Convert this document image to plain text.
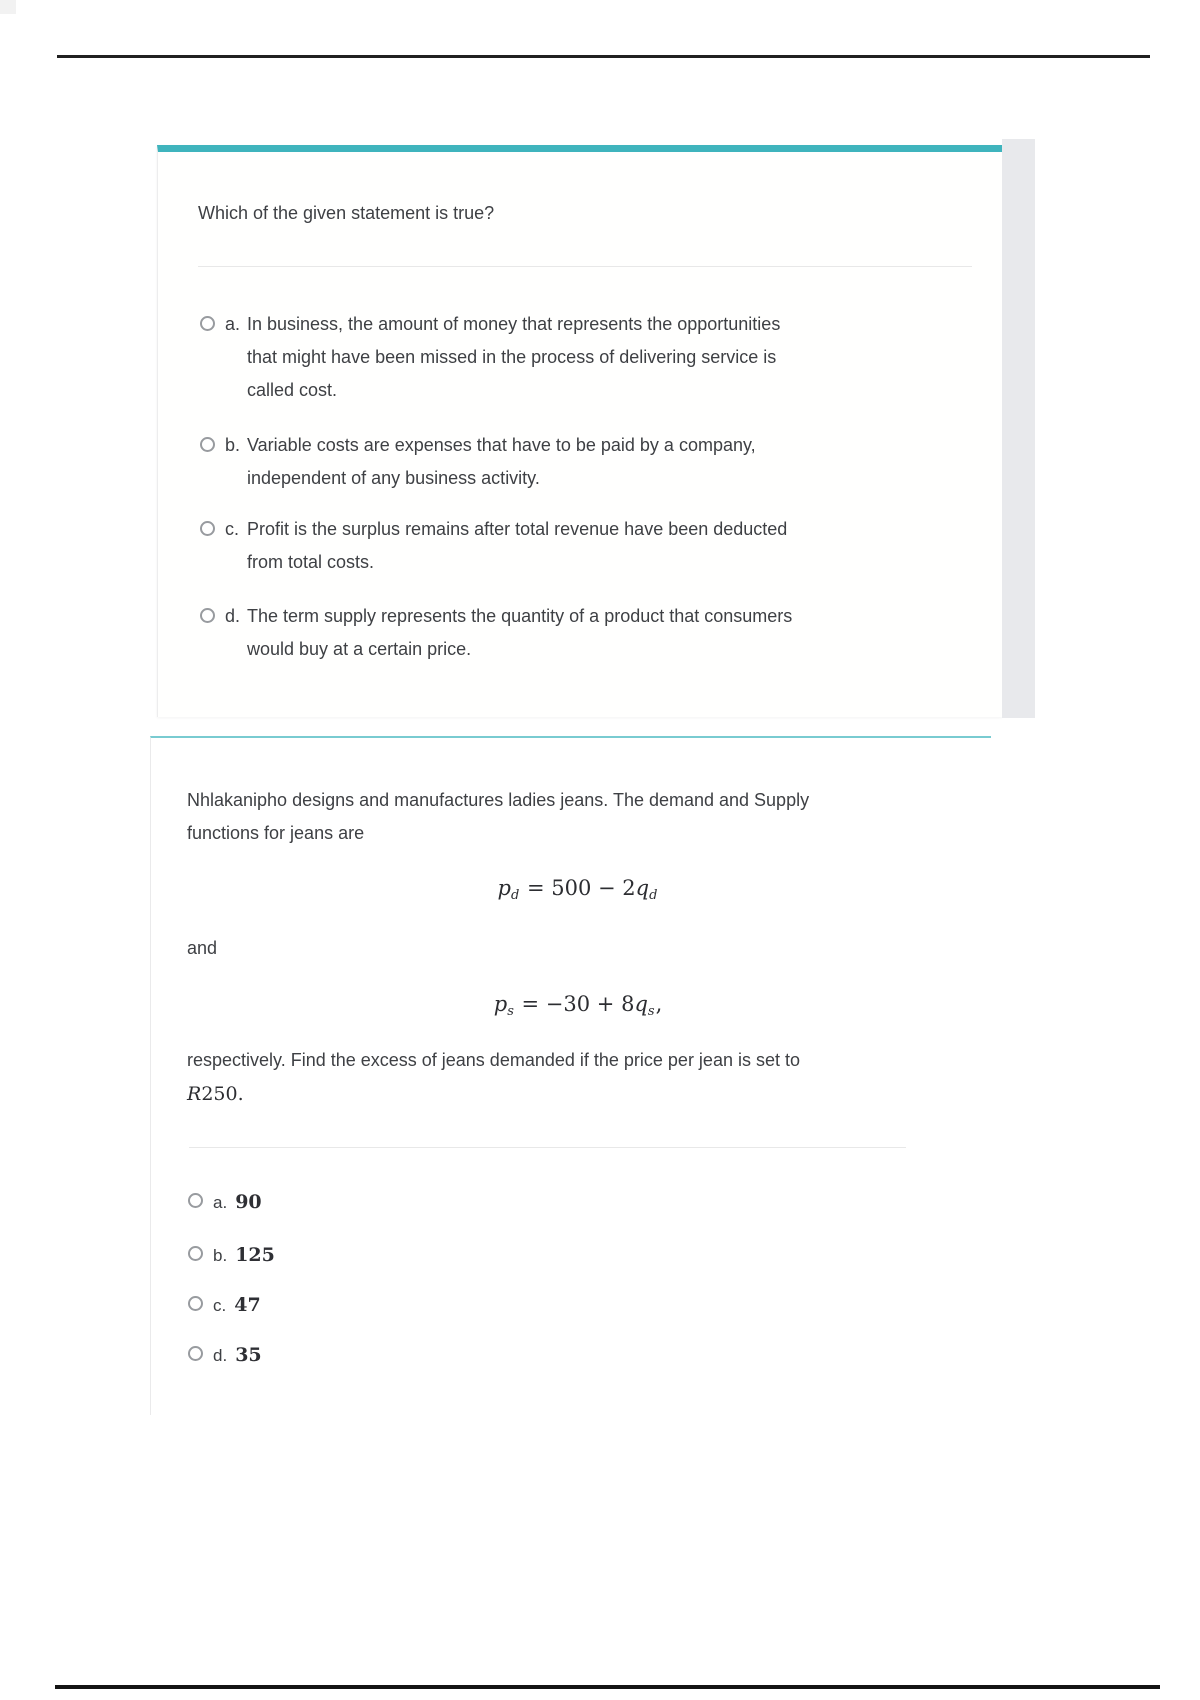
Which of the given statement is true?
a. In business, the amount of money that represents the opportunities
that might have been missed in the process of delivering service is
called cost.
b. Variable costs are expenses that have to be paid by a company,
independent of any business activity.
c. Profit is the surplus remains after total revenue have been deducted
from total costs.
d. The term supply represents the quantity of a product that consumers
would buy at a certain price.
Nhlakanipho designs and manufactures ladies jeans. The demand and Supply
functions for jeans are
pd = 500 − 2qd
and
ps = −30 + 8qs,
respectively. Find the excess of jeans demanded if the price per jean is set to
R250.
a. 90
b. 125
c. 47
d. 35
